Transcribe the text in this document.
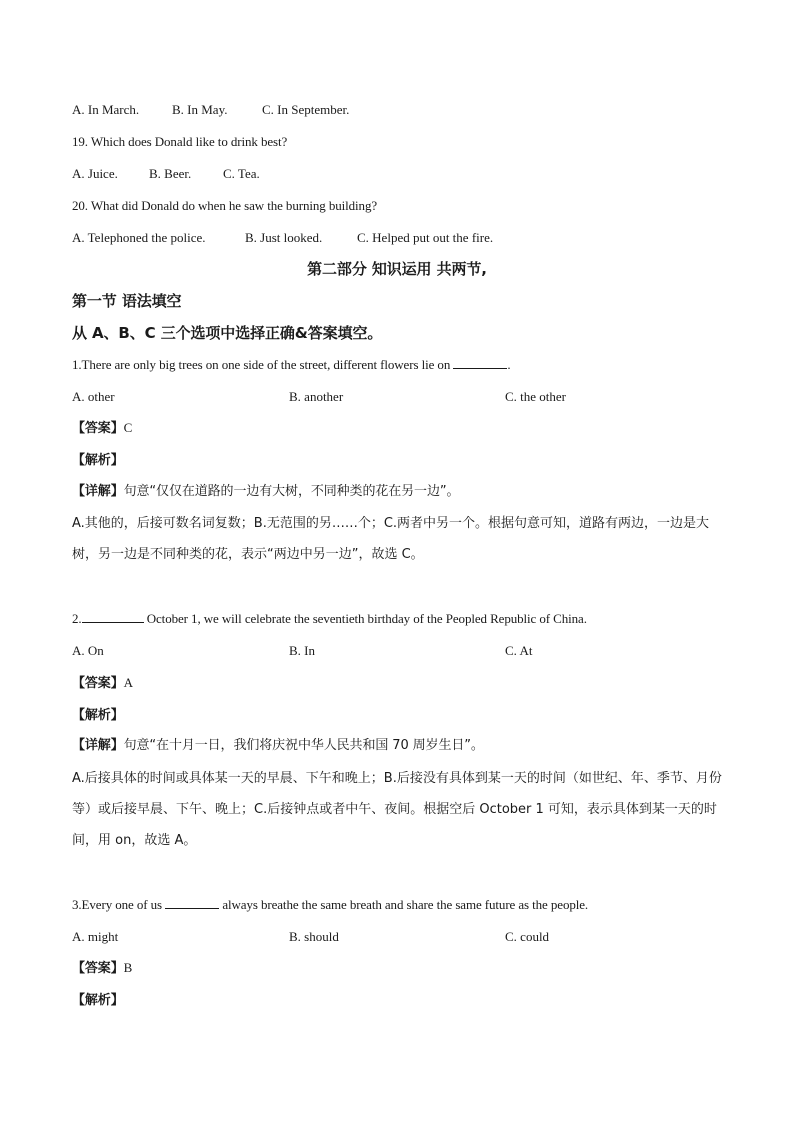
A. In March.	B. In May.	C. In September.
19. Which does Donald like to drink best?
A. Juice. B. Beer. C. Tea.
20. What did Donald do when he saw the burning building?
A. Telephoned the police.	B. Just looked.	C. Helped put out the fire.
第二部分 知识运用 共两节,
第一节 语法填空
从 A、B、C 三个选项中选择正确&答案填空。
1.There are only big trees on one side of the street, different flowers lie on	.
A. other	B. another	C. the other
【答案】C
【解析】
【详解】句意“仅仅在道路的一边有大树，不同种类的花在另一边”。
A.其他的，后接可数名词复数；B.无范围的另……个；C.两者中另一个。根据句意可知，道路有两边，一边是大树，另一边是不同种类的花，表示“两边中另一边”，故选 C。
2.	October 1, we will celebrate the seventieth birthday of the Peopled Republic of China.
A. On	B. In	C. At
【答案】A
【解析】
【详解】句意“在十月一日，我们将庆祝中华人民共和国 70 周岁生日”。
A.后接具体的时间或具体某一天的早晨、下午和晚上；B.后接没有具体到某一天的时间（如世纪、年、季节、月份等）或后接早晨、下午、晚上；C.后接钟点或者中午、夜间。根据空后 October 1 可知，表示具体到某一天的时间，用 on，故选 A。
3.Every one of us	always breathe the same breath and share the same future as the people.
A. might	B. should	C. could
【答案】B
【解析】
